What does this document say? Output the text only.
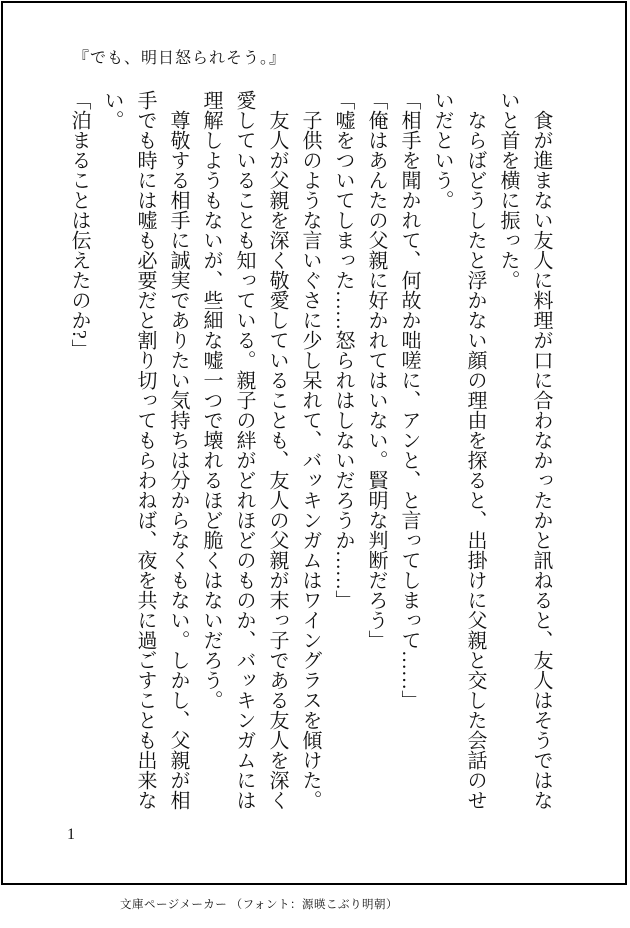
『でも、明日怒られそう。』

　食が進まない友人に料理が口に合わなかったかと訊ねると、友人はそうではな

いと首を横に振った。

　ならばどうしたと浮かない顔の理由を探ると、出掛けに父親と交した会話のせ

いだという。

「相手を聞かれて、何故か咄嗟に、アンと、と言ってしまって……」

「俺はあんたの父親に好かれてはいない。賢明な判断だろう」

「嘘をついてしまった……怒られはしないだろうか……」

　子供のような言いぐさに少し呆れて、バッキンガムはワイングラスを傾けた。

　友人が父親を深く敬愛していることも、友人の父親が末っ子である友人を深く

愛していることも知っている。親子の絆がどれほどのものか、バッキンガムには

理解しようもないが、些細な嘘一つで壊れるほど脆くはないだろう。

　尊敬する相手に誠実でありたい気持ちは分からなくもない。しかし、父親が相

手でも時には嘘も必要だと割り切ってもらわねば、夜を共に過ごすことも出来な

い。

「泊まることは伝えたのか?」

1
文庫ページメーカー （フォント：源暎こぶり明朝）
